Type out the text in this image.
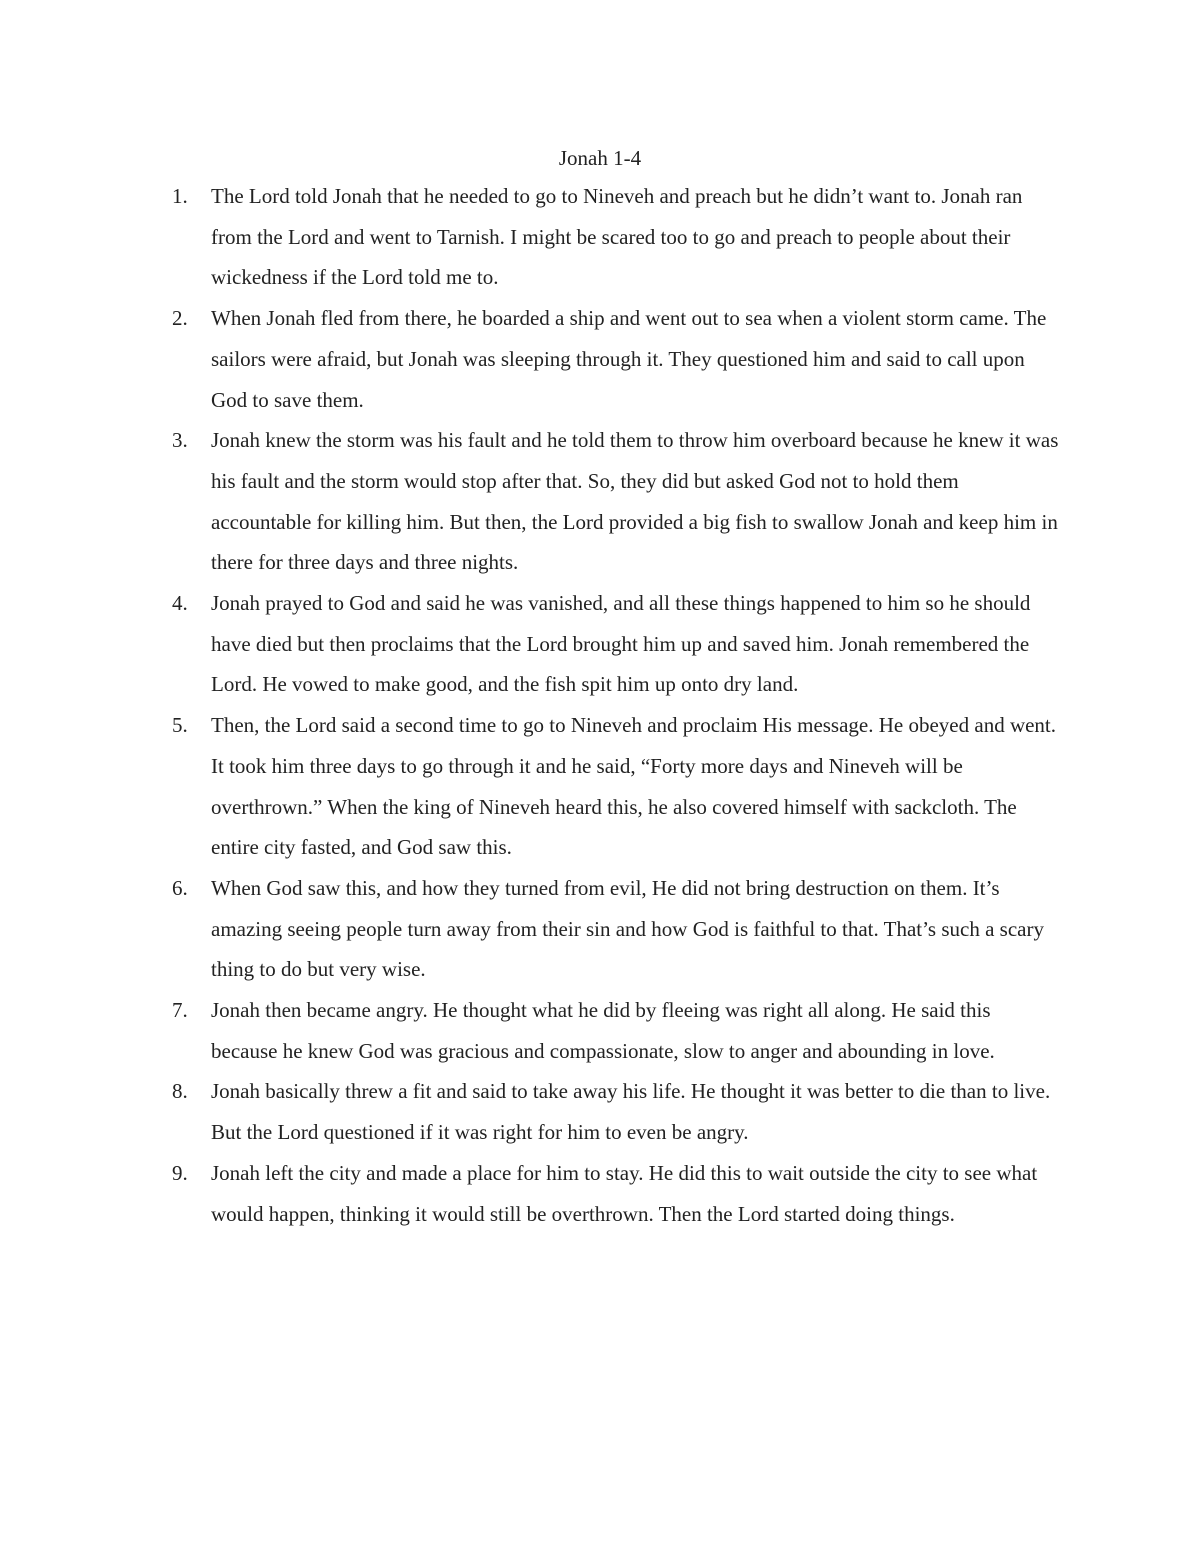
Jonah 1-4
1.	The Lord told Jonah that he needed to go to Nineveh and preach but he didn’t want to. Jonah ran from the Lord and went to Tarnish. I might be scared too to go and preach to people about their wickedness if the Lord told me to.
2.	When Jonah fled from there, he boarded a ship and went out to sea when a violent storm came. The sailors were afraid, but Jonah was sleeping through it. They questioned him and said to call upon God to save them.
3.	Jonah knew the storm was his fault and he told them to throw him overboard because he knew it was his fault and the storm would stop after that. So, they did but asked God not to hold them accountable for killing him. But then, the Lord provided a big fish to swallow Jonah and keep him in there for three days and three nights.
4.	Jonah prayed to God and said he was vanished, and all these things happened to him so he should have died but then proclaims that the Lord brought him up and saved him. Jonah remembered the Lord. He vowed to make good, and the fish spit him up onto dry land.
5.	Then, the Lord said a second time to go to Nineveh and proclaim His message. He obeyed and went. It took him three days to go through it and he said, “Forty more days and Nineveh will be overthrown.” When the king of Nineveh heard this, he also covered himself with sackcloth. The entire city fasted, and God saw this.
6.	When God saw this, and how they turned from evil, He did not bring destruction on them. It’s amazing seeing people turn away from their sin and how God is faithful to that. That’s such a scary thing to do but very wise.
7.	Jonah then became angry. He thought what he did by fleeing was right all along. He said this because he knew God was gracious and compassionate, slow to anger and abounding in love.
8.	Jonah basically threw a fit and said to take away his life. He thought it was better to die than to live. But the Lord questioned if it was right for him to even be angry.
9.	Jonah left the city and made a place for him to stay. He did this to wait outside the city to see what would happen, thinking it would still be overthrown. Then the Lord started doing things.
